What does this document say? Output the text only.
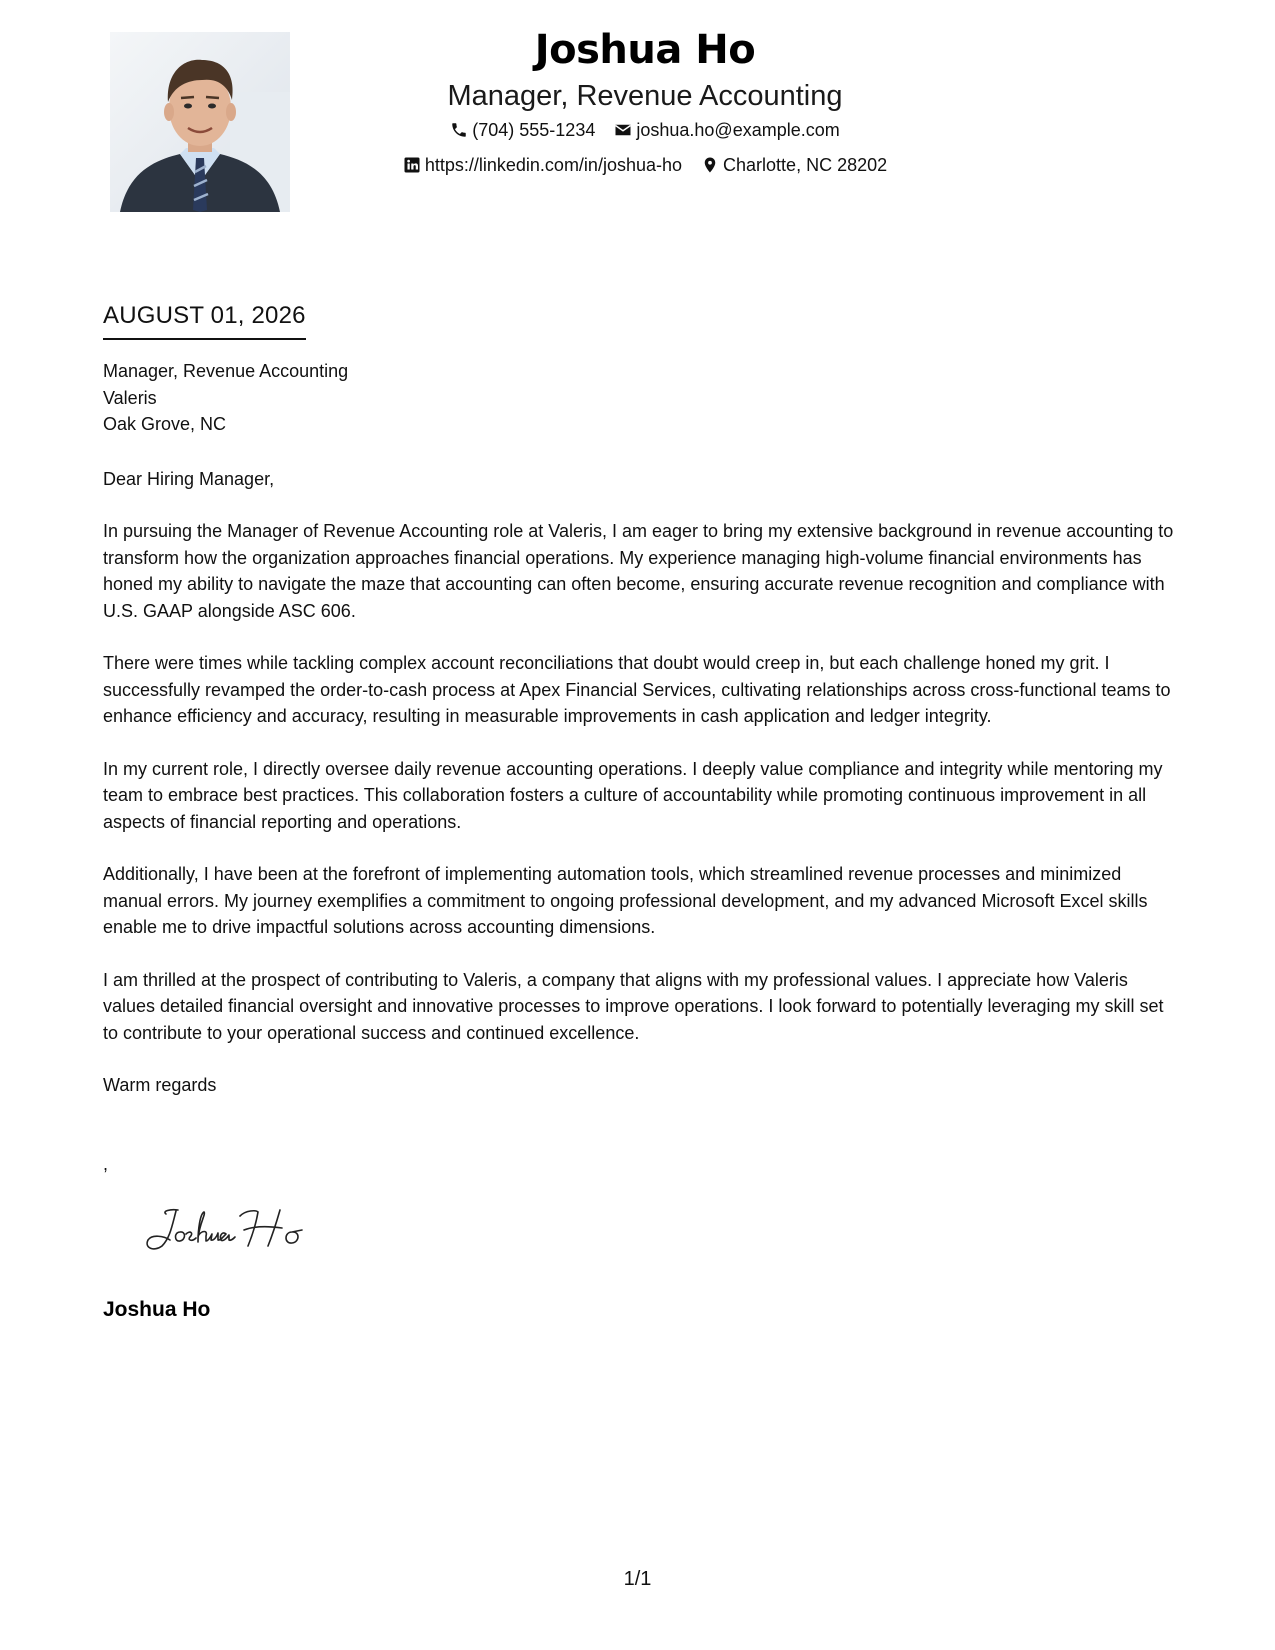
Joshua Ho
Manager, Revenue Accounting
(704) 555-1234
joshua.ho@example.com
https://linkedin.com/in/joshua-ho
Charlotte, NC 28202
AUGUST 01, 2026
Manager, Revenue Accounting
Valeris
Oak Grove, NC
Dear Hiring Manager,

In pursuing the Manager of Revenue Accounting role at Valeris, I am eager to bring my extensive background in revenue accounting to transform how the organization approaches financial operations. My experience managing high-volume financial environments has honed my ability to navigate the maze that accounting can often become, ensuring accurate revenue recognition and compliance with U.S. GAAP alongside ASC 606.

There were times while tackling complex account reconciliations that doubt would creep in, but each challenge honed my grit. I successfully revamped the order-to-cash process at Apex Financial Services, cultivating relationships across cross-functional teams to enhance efficiency and accuracy, resulting in measurable improvements in cash application and ledger integrity.

In my current role, I directly oversee daily revenue accounting operations. I deeply value compliance and integrity while mentoring my team to embrace best practices. This collaboration fosters a culture of accountability while promoting continuous improvement in all aspects of financial reporting and operations.

Additionally, I have been at the forefront of implementing automation tools, which streamlined revenue processes and minimized manual errors. My journey exemplifies a commitment to ongoing professional development, and my advanced Microsoft Excel skills enable me to drive impactful solutions across accounting dimensions.

I am thrilled at the prospect of contributing to Valeris, a company that aligns with my professional values. I appreciate how Valeris values detailed financial oversight and innovative processes to improve operations. I look forward to potentially leveraging my skill set to contribute to your operational success and continued excellence.

Warm regards
,
Joshua Ho
1/1
